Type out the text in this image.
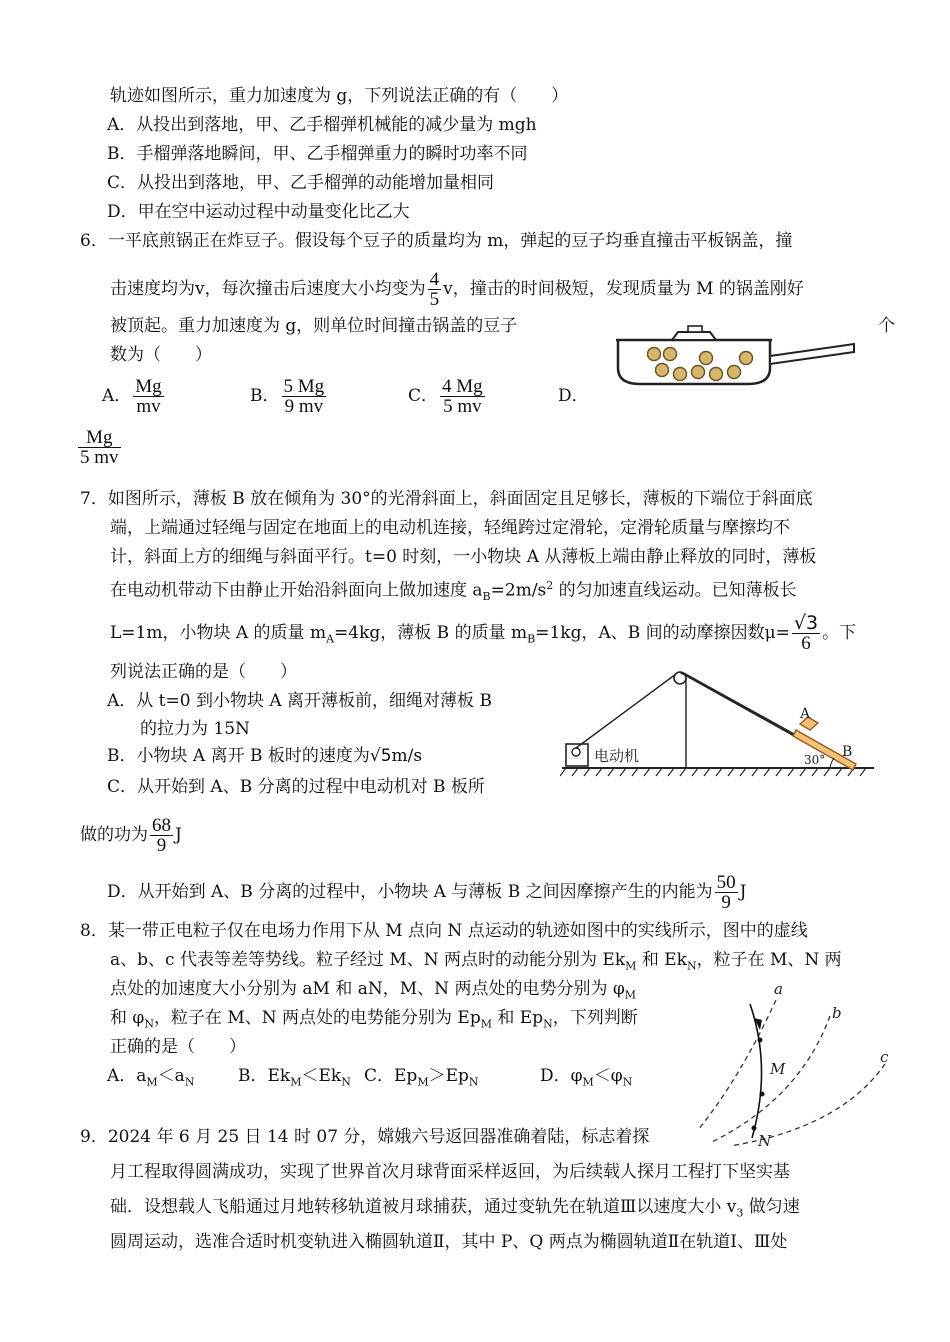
轨迹如图所示，重力加速度为 g，下列说法正确的有（　　）
A．从投出到落地，甲、乙手榴弹机械能的减少量为 mgh
B．手榴弹落地瞬间，甲、乙手榴弹重力的瞬时功率不同
C．从投出到落地，甲、乙手榴弹的动能增加量相同
D．甲在空中运动过程中动量变化比乙大
6．一平底煎锅正在炸豆子。假设每个豆子的质量均为 m，弹起的豆子均垂直撞击平板锅盖，撞
击速度均为v，每次撞击后速度大小均变为 $\frac{4}{5}$ v，撞击的时间极短，发现质量为 M 的锅盖刚好
被顶起。重力加速度为 g，则单位时间撞击锅盖的豆子	个
数为（　　）
A． $\frac{Mg}{mv}$	B． $\frac{5 Mg}{9 mv}$	C． $\frac{4 Mg}{5 mv}$	D．
$\frac{Mg}{5 mv}$
7．如图所示，薄板 B 放在倾角为 30°的光滑斜面上，斜面固定且足够长，薄板的下端位于斜面底
端，上端通过轻绳与固定在地面上的电动机连接，轻绳跨过定滑轮，定滑轮质量与摩擦均不
计，斜面上方的细绳与斜面平行。t=0 时刻，一小物块 A 从薄板上端由静止释放的同时，薄板
在电动机带动下由静止开始沿斜面向上做加速度 $a_B=2m/s^2$ 的匀加速直线运动。已知薄板长
L=1m，小物块 A 的质量 $m_A=4kg$，薄板 B 的质量 $m_B=1kg$，A、B 间的动摩擦因数$\mu= \frac{√3}{6}$ 。下
列说法正确的是（　　）
A．从 t=0 到小物块 A 离开薄板前，细绳对薄板 B
的拉力为 15N
B．小物块 A 离开 B 板时的速度为√5m/s
C．从开始到 A、B 分离的过程中电动机对 B 板所
做的功为 $\frac{68}{9}$ J
D．从开始到 A、B 分离的过程中，小物块 A 与薄板 B 之间因摩擦产生的内能为 $\frac{50}{9}$ J
电动机
A
B
30°
8．某一带正电粒子仅在电场力作用下从 M 点向 N 点运动的轨迹如图中的实线所示，图中的虚线
a、b、c 代表等差等势线。粒子经过 M、N 两点时的动能分别为 $Ek_M$ 和 $Ek_N$，粒子在 M、N 两
点处的加速度大小分别为 aM 和 aN，M、N 两点处的电势分别为 $\varphi_M$
和 $\varphi_N$，粒子在 M、N 两点处的电势能分别为 $Ep_M$ 和 $Ep_N$，下列判断
正确的是（　　）
A．$a_M<a_N$	B．$Ek_M<Ek_N$ C．$Ep_M>Ep_N$	D．$\varphi_M<\varphi_N$
a
b
c
M
N
9．2024 年 6 月 25 日 14 时 07 分，嫦娥六号返回器准确着陆，标志着探
月工程取得圆满成功，实现了世界首次月球背面采样返回，为后续载人探月工程打下坚实基
础．设想载人飞船通过月地转移轨道被月球捕获，通过变轨先在轨道Ⅲ以速度大小 $v_3$ 做匀速
圆周运动，选准合适时机变轨进入椭圆轨道Ⅱ，其中 P、Q 两点为椭圆轨道Ⅱ在轨道Ⅰ、Ⅲ处
